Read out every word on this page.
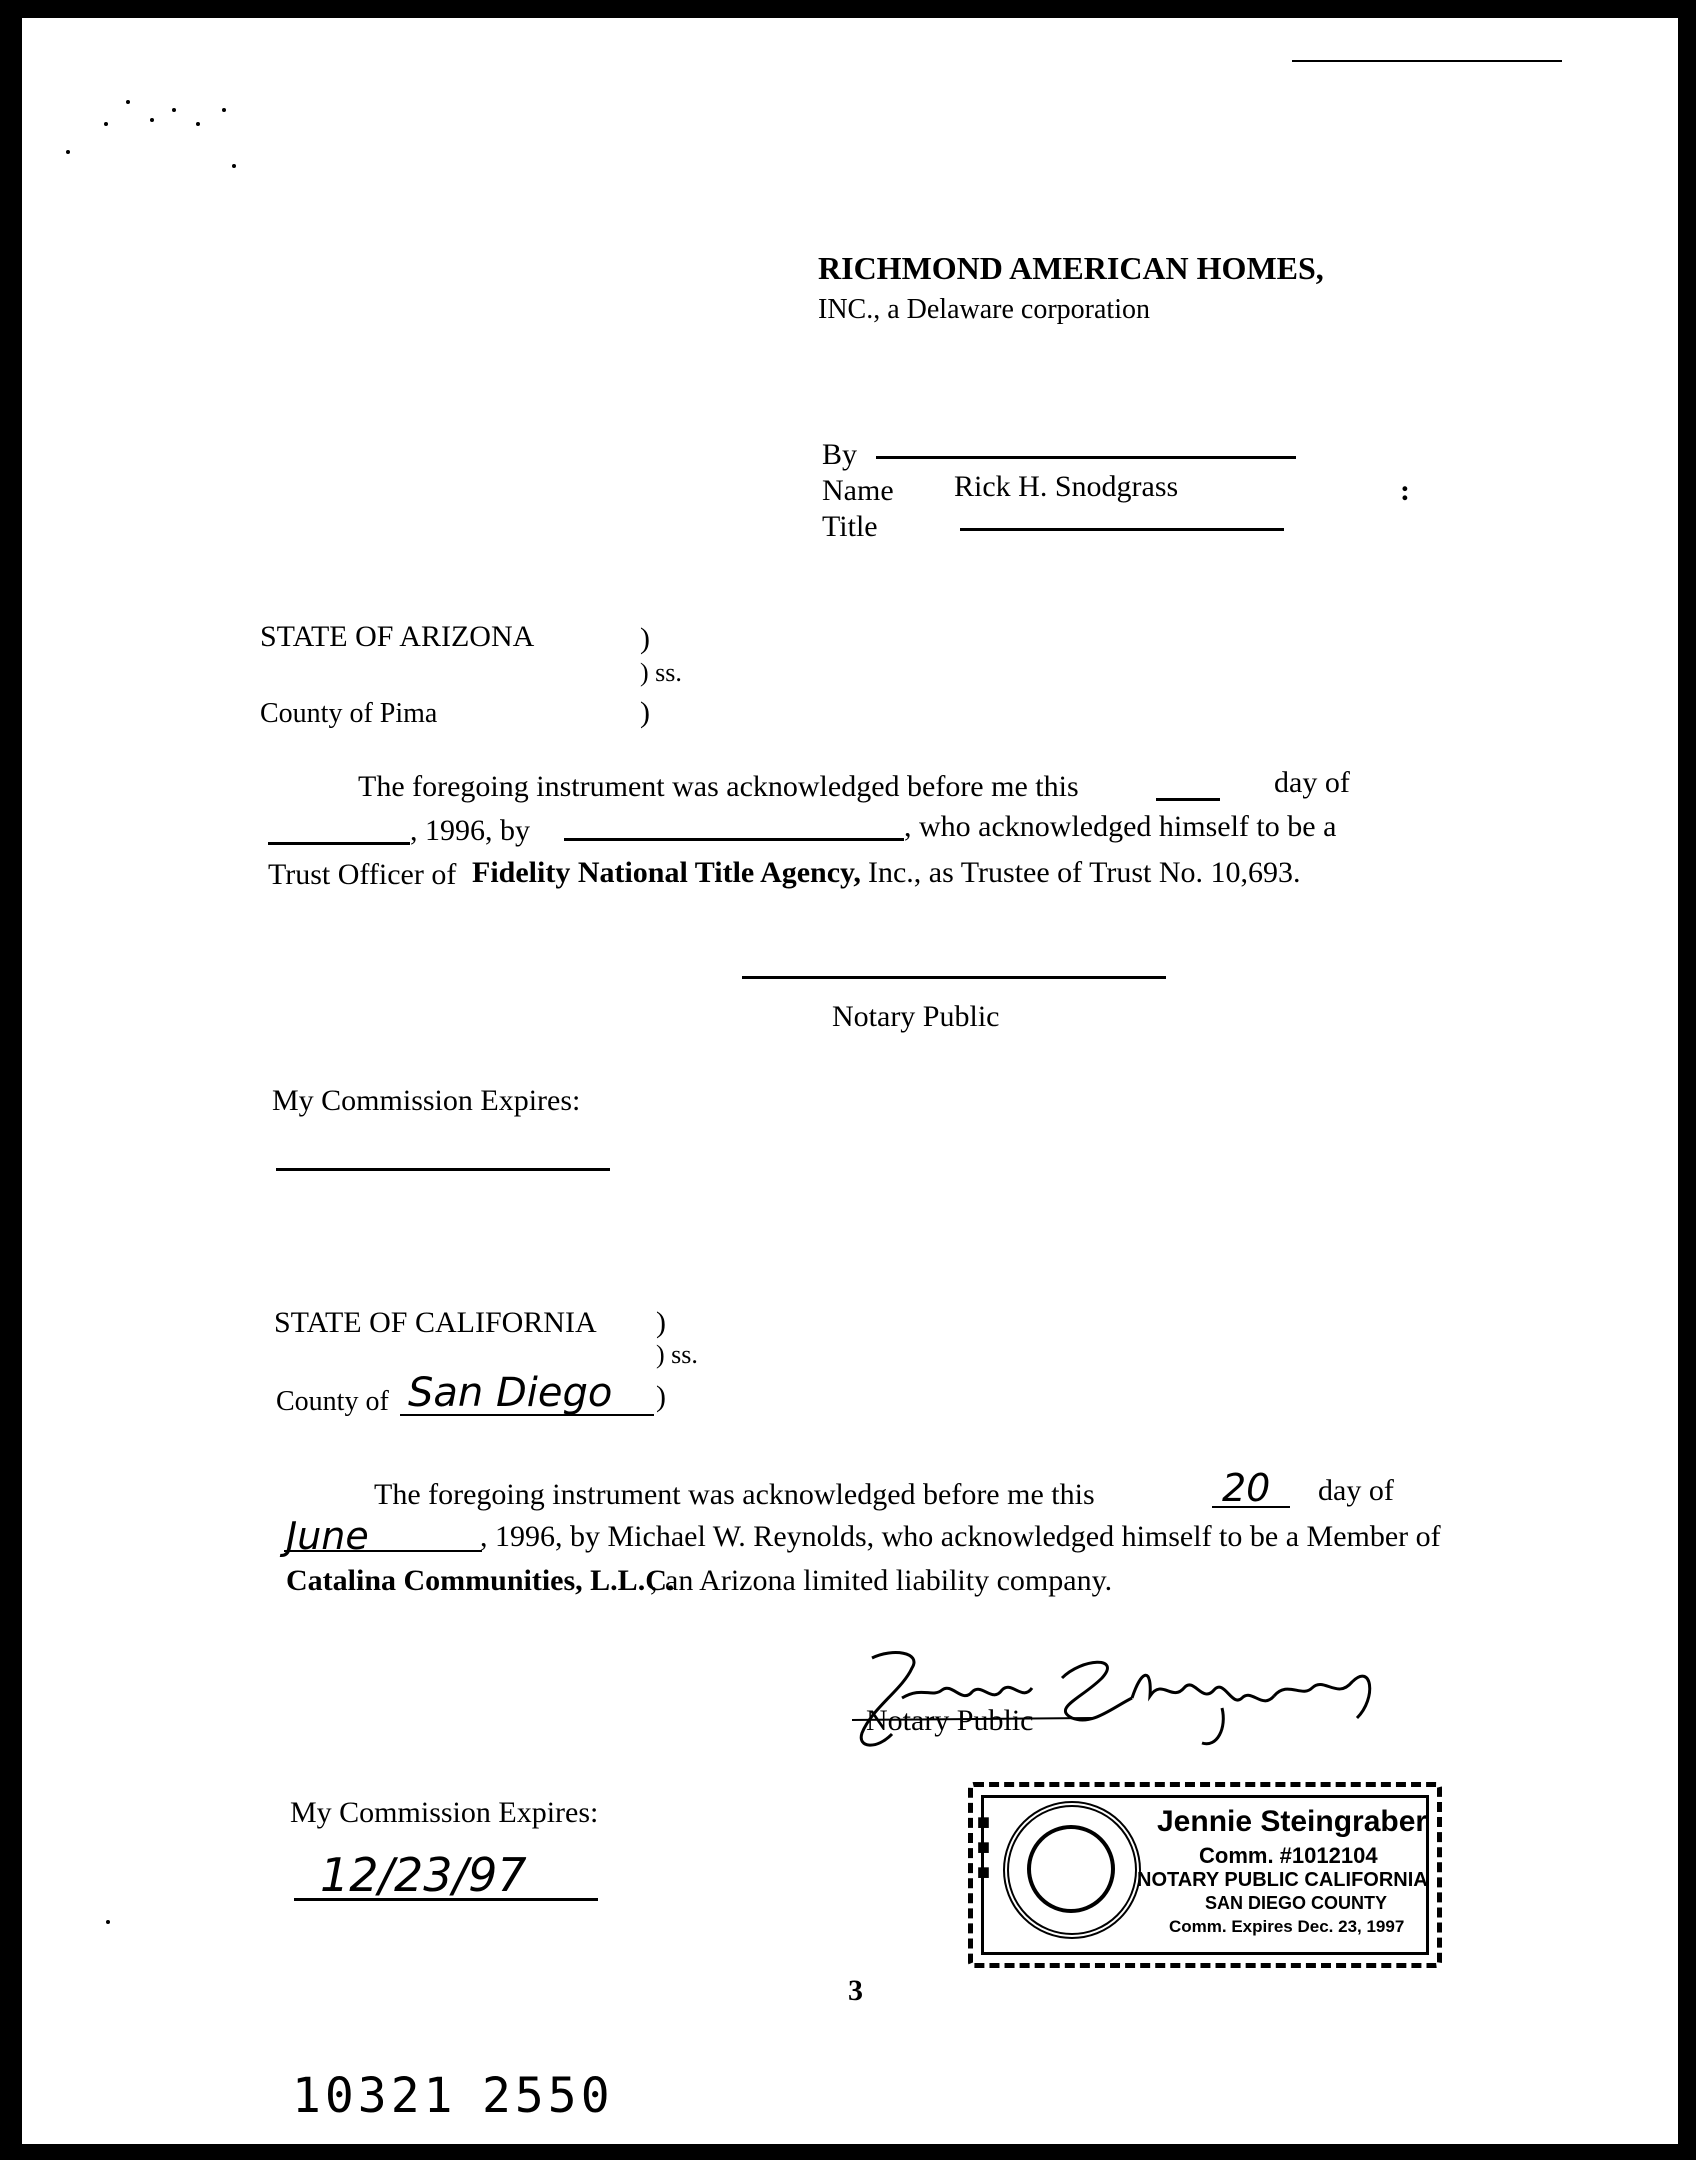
RICHMOND AMERICAN HOMES,
INC., a Delaware corporation
By
Name Rick H. Snodgrass	:
Title
STATE OF ARIZONA	)
) ss.
County of Pima	)
The foregoing instrument was acknowledged before me this	day of
, 1996, by	, who acknowledged himself to be a
Trust Officer of Fidelity National Title Agency, Inc., as Trustee of Trust No. 10,693.
Notary Public
My Commission Expires:
STATE OF CALIFORNIA )
) ss.
County of San Diego )
The foregoing instrument was acknowledged before me this	20 day of
June	, 1996, by Michael W. Reynolds, who acknowledged himself to be a Member of
Catalina Communities, L.L.C.
, an Arizona limited liability company.
Notary Public
My Commission Expires:
12/23/97	■■■	Jennie Steingraber
Comm. #1012104
NOTARY PUBLIC CALIFORNIA
SAN DIEGO COUNTY
Comm. Expires Dec. 23, 1997
3
10321 2550
